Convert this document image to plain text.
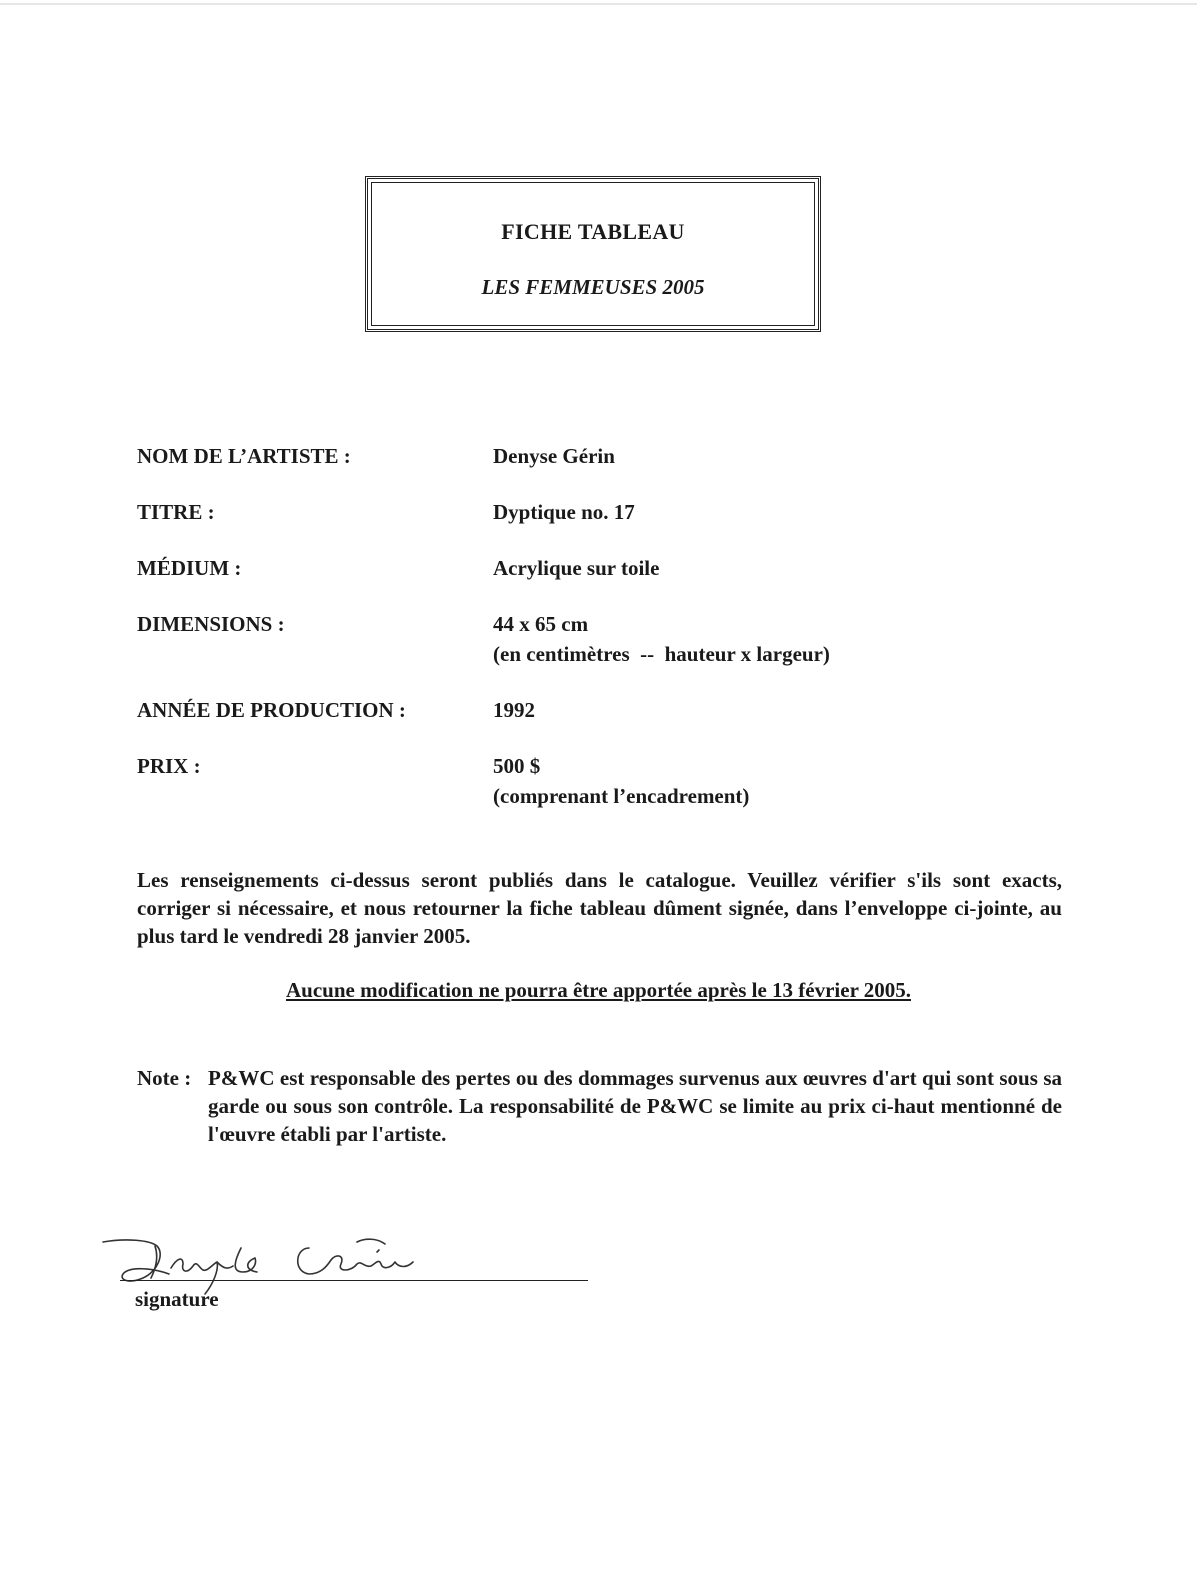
FICHE TABLEAU
LES FEMMEUSES 2005
NOM DE L’ARTISTE :	Denyse Gérin
TITRE :	Dyptique no. 17
MÉDIUM :	Acrylique sur toile
DIMENSIONS :	44 x 65 cm
(en centimètres  --  hauteur x largeur)
ANNÉE DE PRODUCTION :	1992
PRIX :	500 $
(comprenant l’encadrement)
Les renseignements ci-dessus seront publiés dans le catalogue. Veuillez vérifier s'ils sont exacts, corriger si nécessaire, et nous retourner la fiche tableau dûment signée, dans l’enveloppe ci-jointe, au plus tard le vendredi 28 janvier 2005.
Aucune modification ne pourra être apportée après le 13 février 2005.
Note : P&WC est responsable des pertes ou des dommages survenus aux œuvres d'art qui sont sous sa garde ou sous son contrôle. La responsabilité de P&WC se limite au prix ci-haut mentionné de l'œuvre établi par l'artiste.
signature
